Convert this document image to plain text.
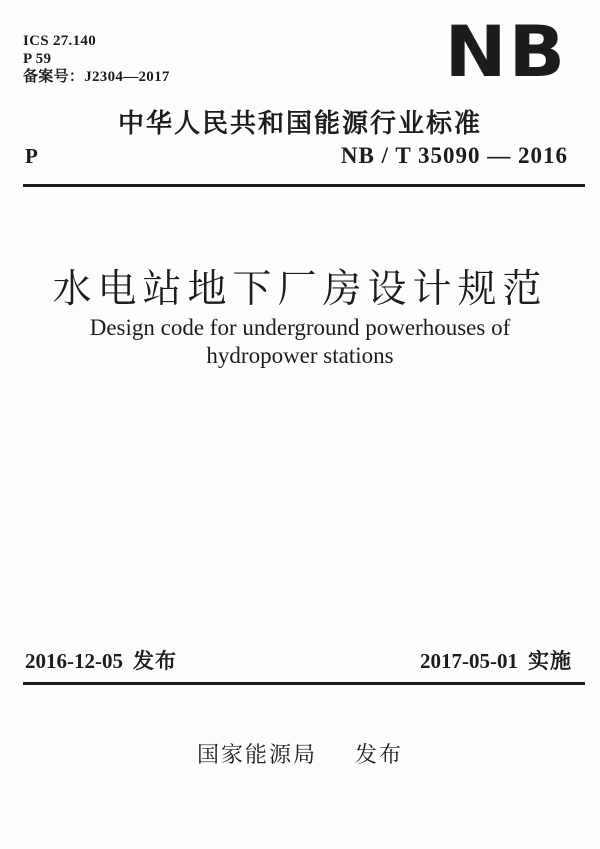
ICS 27.140
P 59
备案号：J2304—2017	NB
中华人民共和国能源行业标准
P	NB / T 35090 — 2016
水电站地下厂房设计规范
Design code for underground powerhouses of
hydropower stations
2016-12-05 发布	2017-05-01 实施
国家能源局 发布
